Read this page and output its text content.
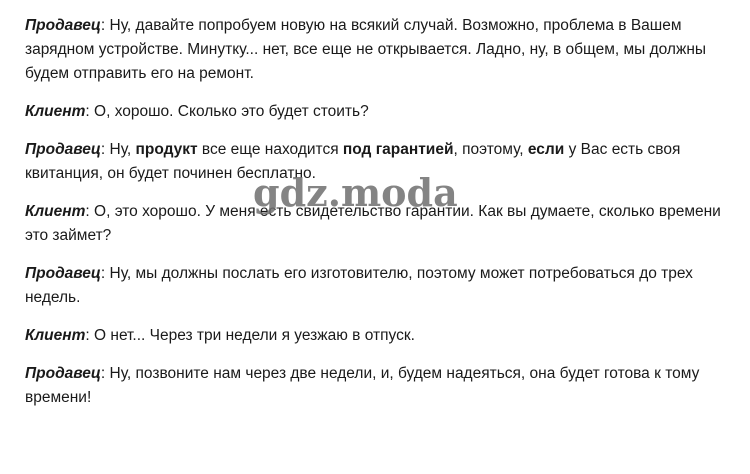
Продавец: Ну, давайте попробуем новую на всякий случай. Возможно, проблема в Вашем зарядном устройстве. Минутку... нет, все еще не открывается. Ладно, ну, в общем, мы должны будем отправить его на ремонт.

Клиент: О, хорошо. Сколько это будет стоить?

Продавец: Ну, продукт все еще находится под гарантией, поэтому, если у Вас есть своя квитанция, он будет починен бесплатно.

Клиент: О, это хорошо. У меня есть свидетельство гарантии. Как вы думаете, сколько времени это займет?

Продавец: Ну, мы должны послать его изготовителю, поэтому может потребоваться до трех недель.

Клиент: О нет... Через три недели я уезжаю в отпуск.

Продавец: Ну, позвоните нам через две недели, и, будем надеяться, она будет готова к тому времени!

gdz.moda
